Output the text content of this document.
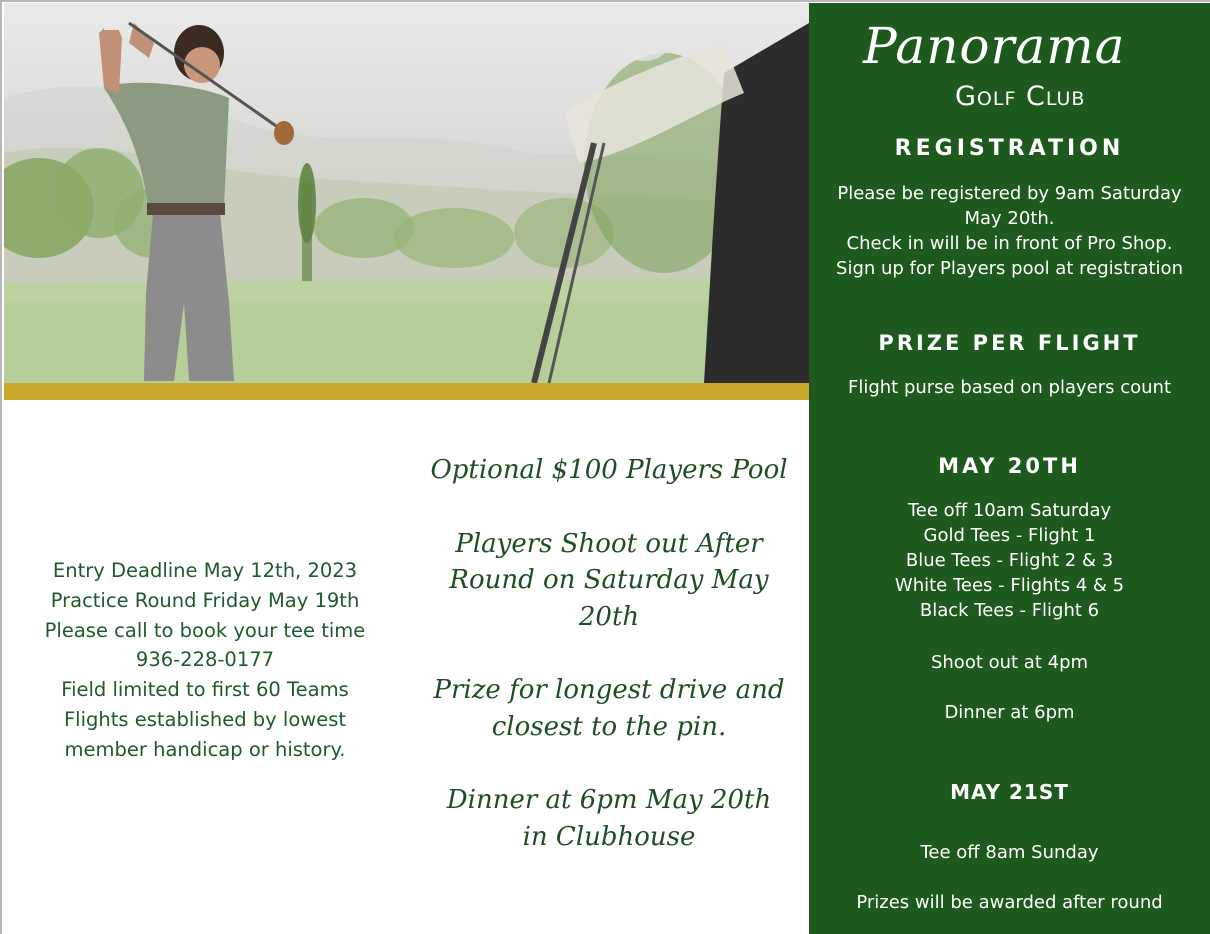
Entry Deadline May 12th, 2023
Practice Round Friday May 19th
Please call to book your tee time
936-228-0177
Field limited to first 60 Teams
Flights established by lowest
member handicap or history.

Optional $100 Players Pool

Players Shoot out After

Round on Saturday May

20th

Prize for longest drive and

closest to the pin.

Dinner at 6pm May 20th

in Clubhouse

Panorama
Golf Club
REGISTRATION
Please be registered by 9am Saturday
May 20th.
Check in will be in front of Pro Shop.
Sign up for Players pool at registration
PRIZE PER FLIGHT
Flight purse based on players count
MAY 20TH
Tee off 10am Saturday
Gold Tees - Flight 1
Blue Tees - Flight 2 & 3
White Tees - Flights 4 & 5
Black Tees - Flight 6
Shoot out at 4pm
Dinner at 6pm
MAY 21ST
Tee off 8am Sunday
Prizes will be awarded after round
